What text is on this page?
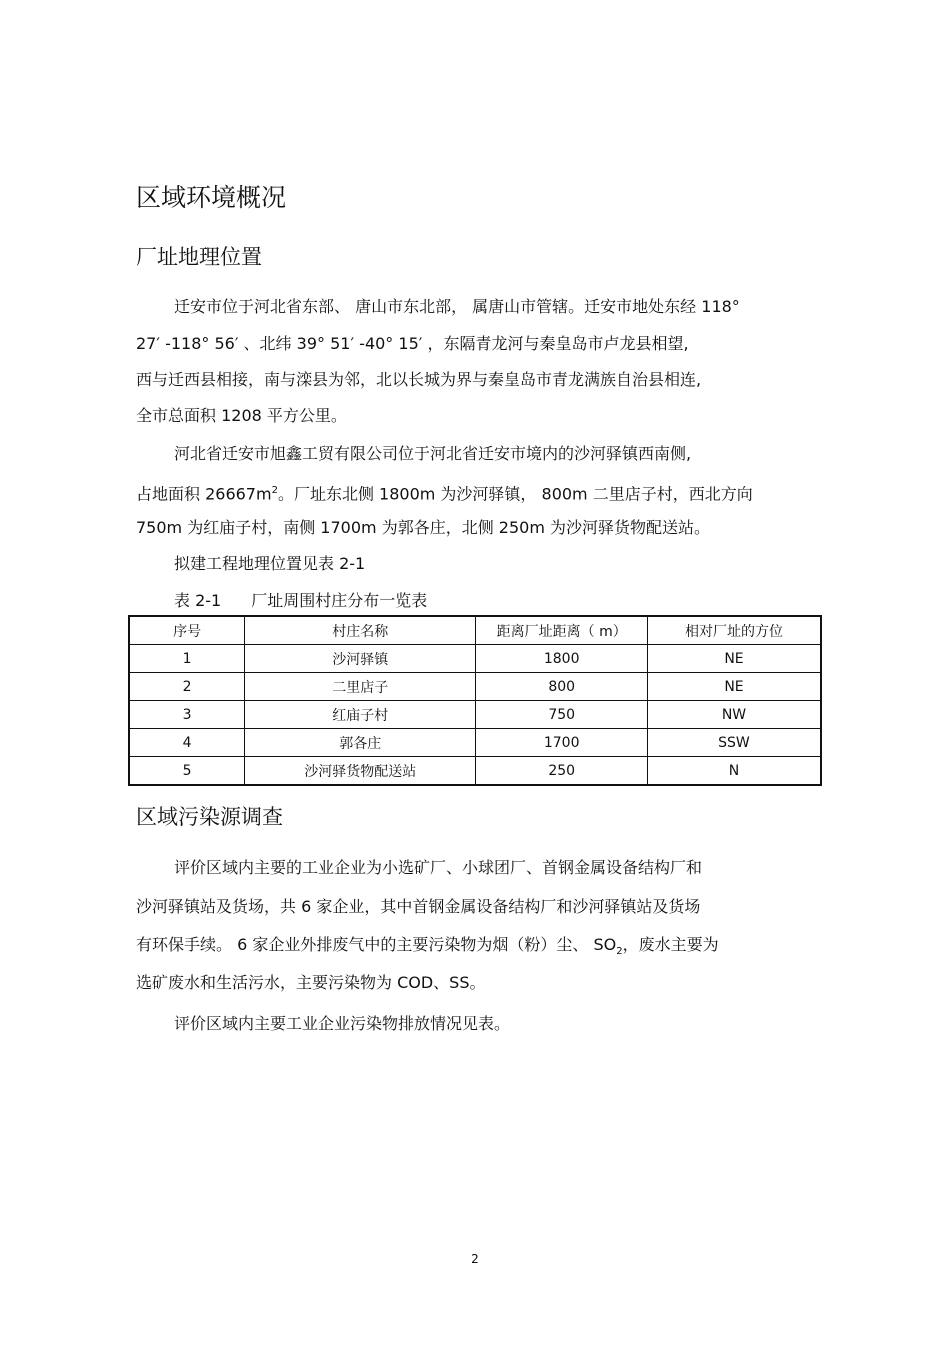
区域环境概况
厂址地理位置
迁安市位于河北省东部、 唐山市东北部， 属唐山市管辖。迁安市地处东经 118°
27′ -118° 56′ 、北纬 39° 51′ -40° 15′ ，东隔青龙河与秦皇岛市卢龙县相望,
西与迁西县相接，南与滦县为邻，北以长城为界与秦皇岛市青龙满族自治县相连,
全市总面积 1208 平方公里。
河北省迁安市旭鑫工贸有限公司位于河北省迁安市境内的沙河驿镇西南侧,
占地面积 $26667m^2$。厂址东北侧 1800m 为沙河驿镇， 800m 二里店子村，西北方向
750m 为红庙子村，南侧 1700m 为郭各庄，北侧 250m 为沙河驿货物配送站。
拟建工程地理位置见表 2-1
表 2-1 厂址周围村庄分布一览表
序号	村庄名称	距离厂址距离（ m）	相对厂址的方位
1	沙河驿镇	1800	NE
2	二里店子	800	NE
3	红庙子村	750	NW
4	郭各庄	1700	SSW
5	沙河驿货物配送站	250	N
区域污染源调查
评价区域内主要的工业企业为小选矿厂、小球团厂、首钢金属设备结构厂和
沙河驿镇站及货场，共 6 家企业，其中首钢金属设备结构厂和沙河驿镇站及货场
有环保手续。 6 家企业外排废气中的主要污染物为烟（粉）尘、 $SO_2$，废水主要为
选矿废水和生活污水，主要污染物为 COD、SS。
评价区域内主要工业企业污染物排放情况见表。
2
